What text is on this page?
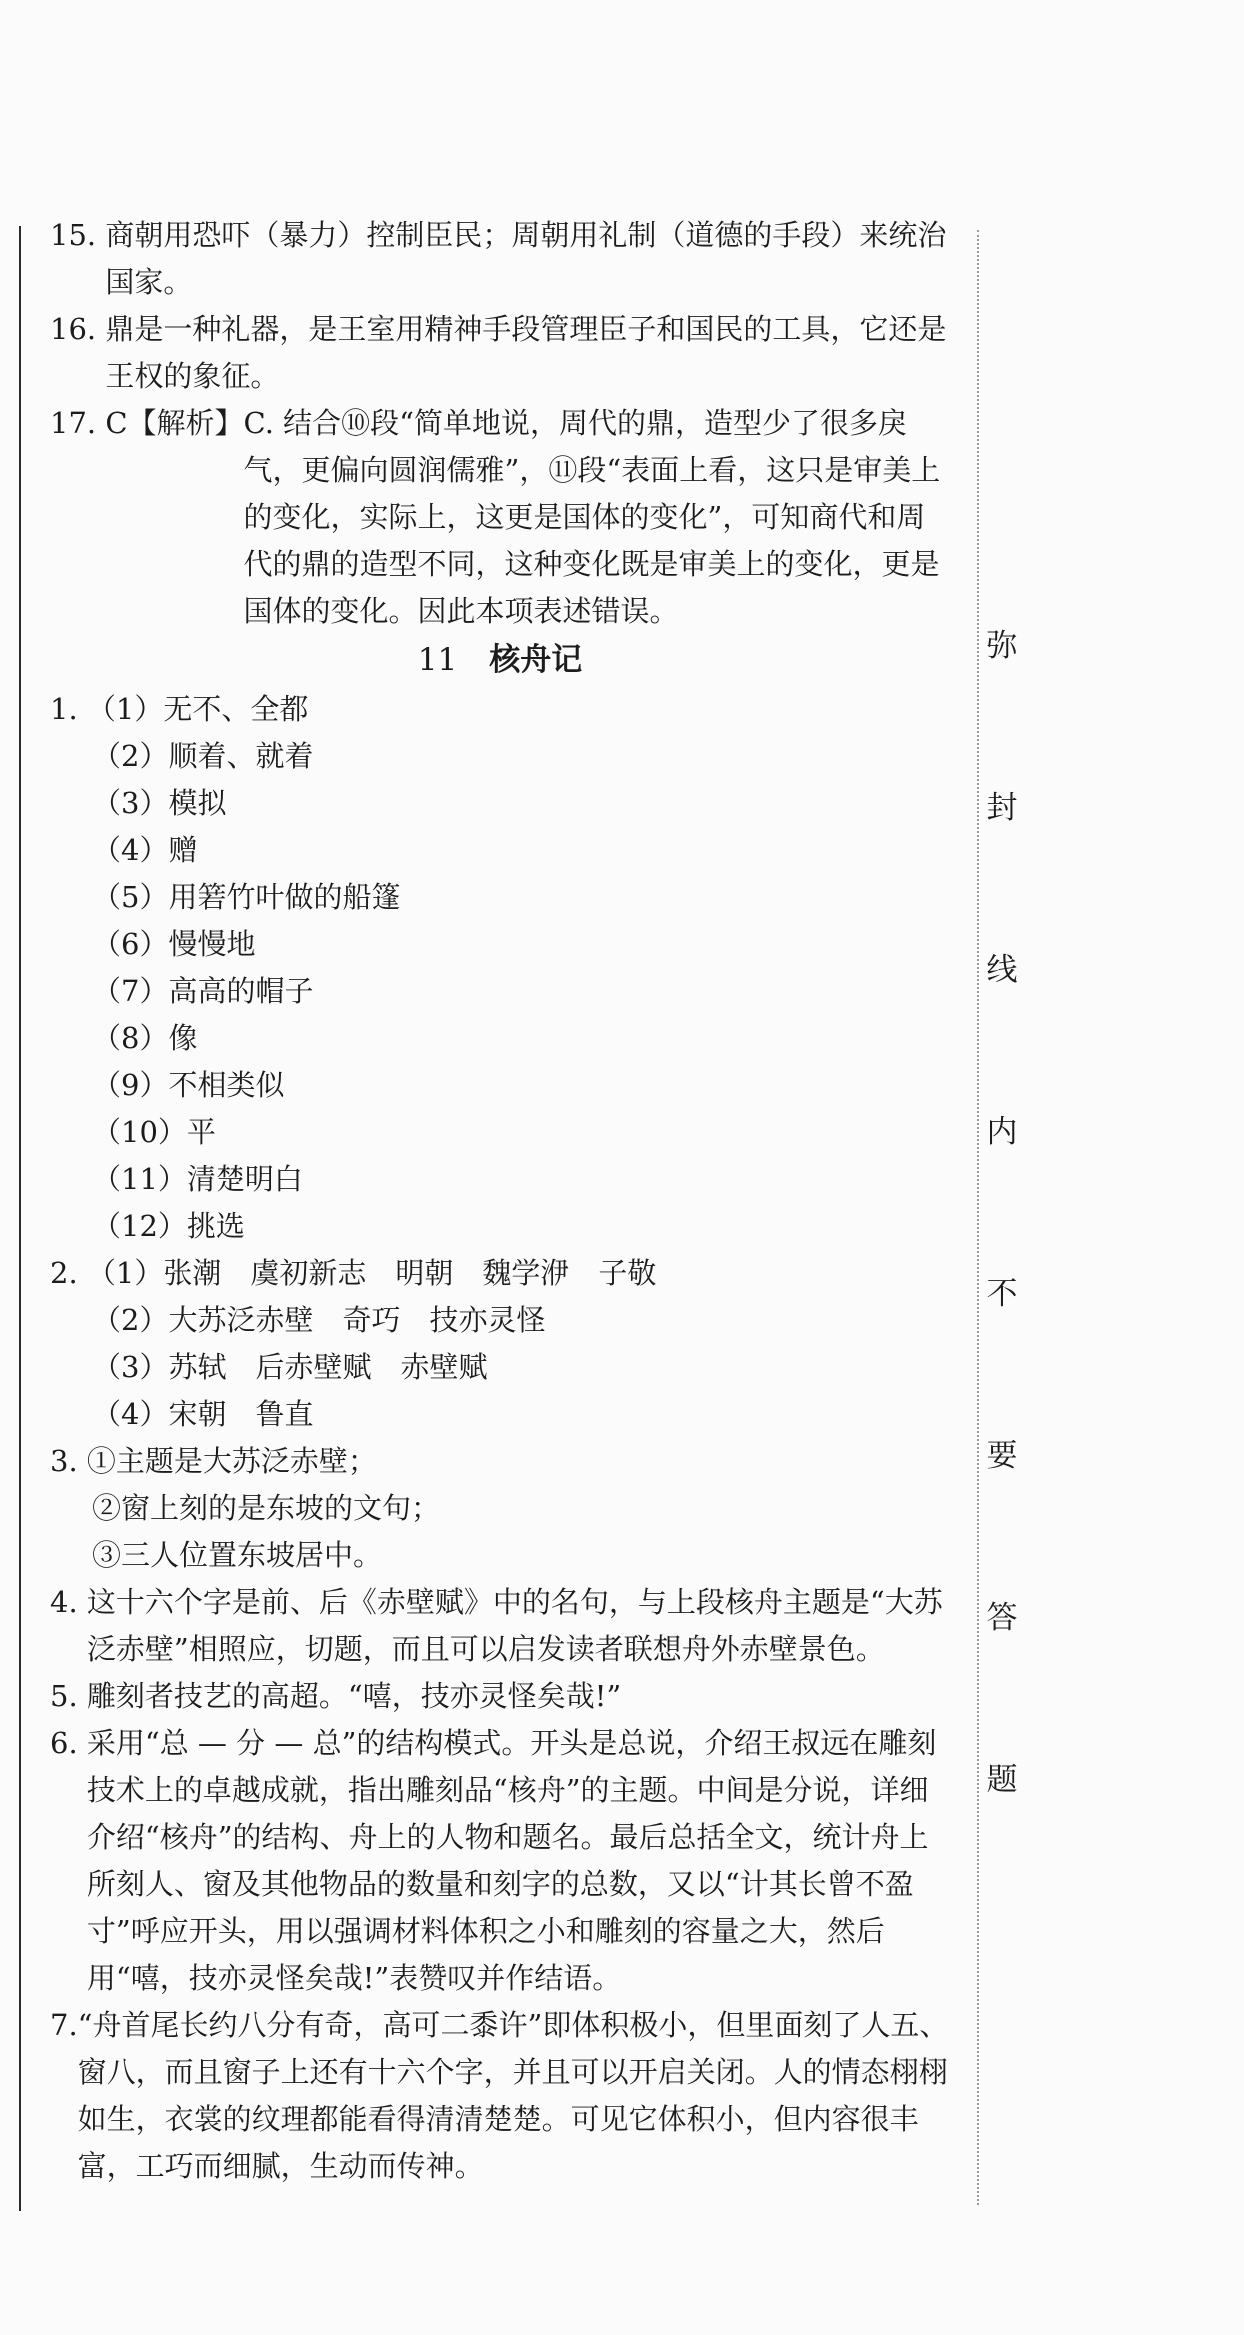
15. 商朝用恐吓（暴力）控制臣民；周朝用礼制（道德的手段）来统治国家。
16. 鼎是一种礼器，是王室用精神手段管理臣子和国民的工具，它还是王权的象征。
17. C【解析】 C. 结合⑩段“简单地说，周代的鼎，造型少了很多戾气，更偏向圆润儒雅”，⑪段“表面上看，这只是审美上的变化，实际上，这更是国体的变化”，可知商代和周代的鼎的造型不同，这种变化既是审美上的变化，更是国体的变化。因此本项表述错误。
11 核舟记
1. （1）无不、全都
（2）顺着、就着
（3）模拟
（4）赠
（5）用箬竹叶做的船篷
（6）慢慢地
（7）高高的帽子
（8）像
（9）不相类似
（10）平
（11）清楚明白
（12）挑选
2. （1）张潮　虞初新志　明朝　魏学洢　子敬
（2）大苏泛赤壁　奇巧　技亦灵怪
（3）苏轼　后赤壁赋　赤壁赋
（4）宋朝　鲁直
3. ①主题是大苏泛赤壁；
②窗上刻的是东坡的文句；
③三人位置东坡居中。
4. 这十六个字是前、后《赤壁赋》中的名句，与上段核舟主题是“大苏泛赤壁”相照应，切题，而且可以启发读者联想舟外赤壁景色。
5. 雕刻者技艺的高超。“嘻，技亦灵怪矣哉!”
6. 采用“总 — 分 — 总”的结构模式。开头是总说，介绍王叔远在雕刻技术上的卓越成就，指出雕刻品“核舟”的主题。中间是分说，详细介绍“核舟”的结构、舟上的人物和题名。最后总括全文，统计舟上所刻人、窗及其他物品的数量和刻字的总数，又以“计其长曾不盈寸”呼应开头，用以强调材料体积之小和雕刻的容量之大，然后用“嘻，技亦灵怪矣哉!”表赞叹并作结语。
7. “舟首尾长约八分有奇，高可二黍许”即体积极小，但里面刻了人五、窗八，而且窗子上还有十六个字，并且可以开启关闭。人的情态栩栩如生，衣裳的纹理都能看得清清楚楚。可见它体积小，但内容很丰富，工巧而细腻，生动而传神。
弥
封
线
内
不
要
答
题
